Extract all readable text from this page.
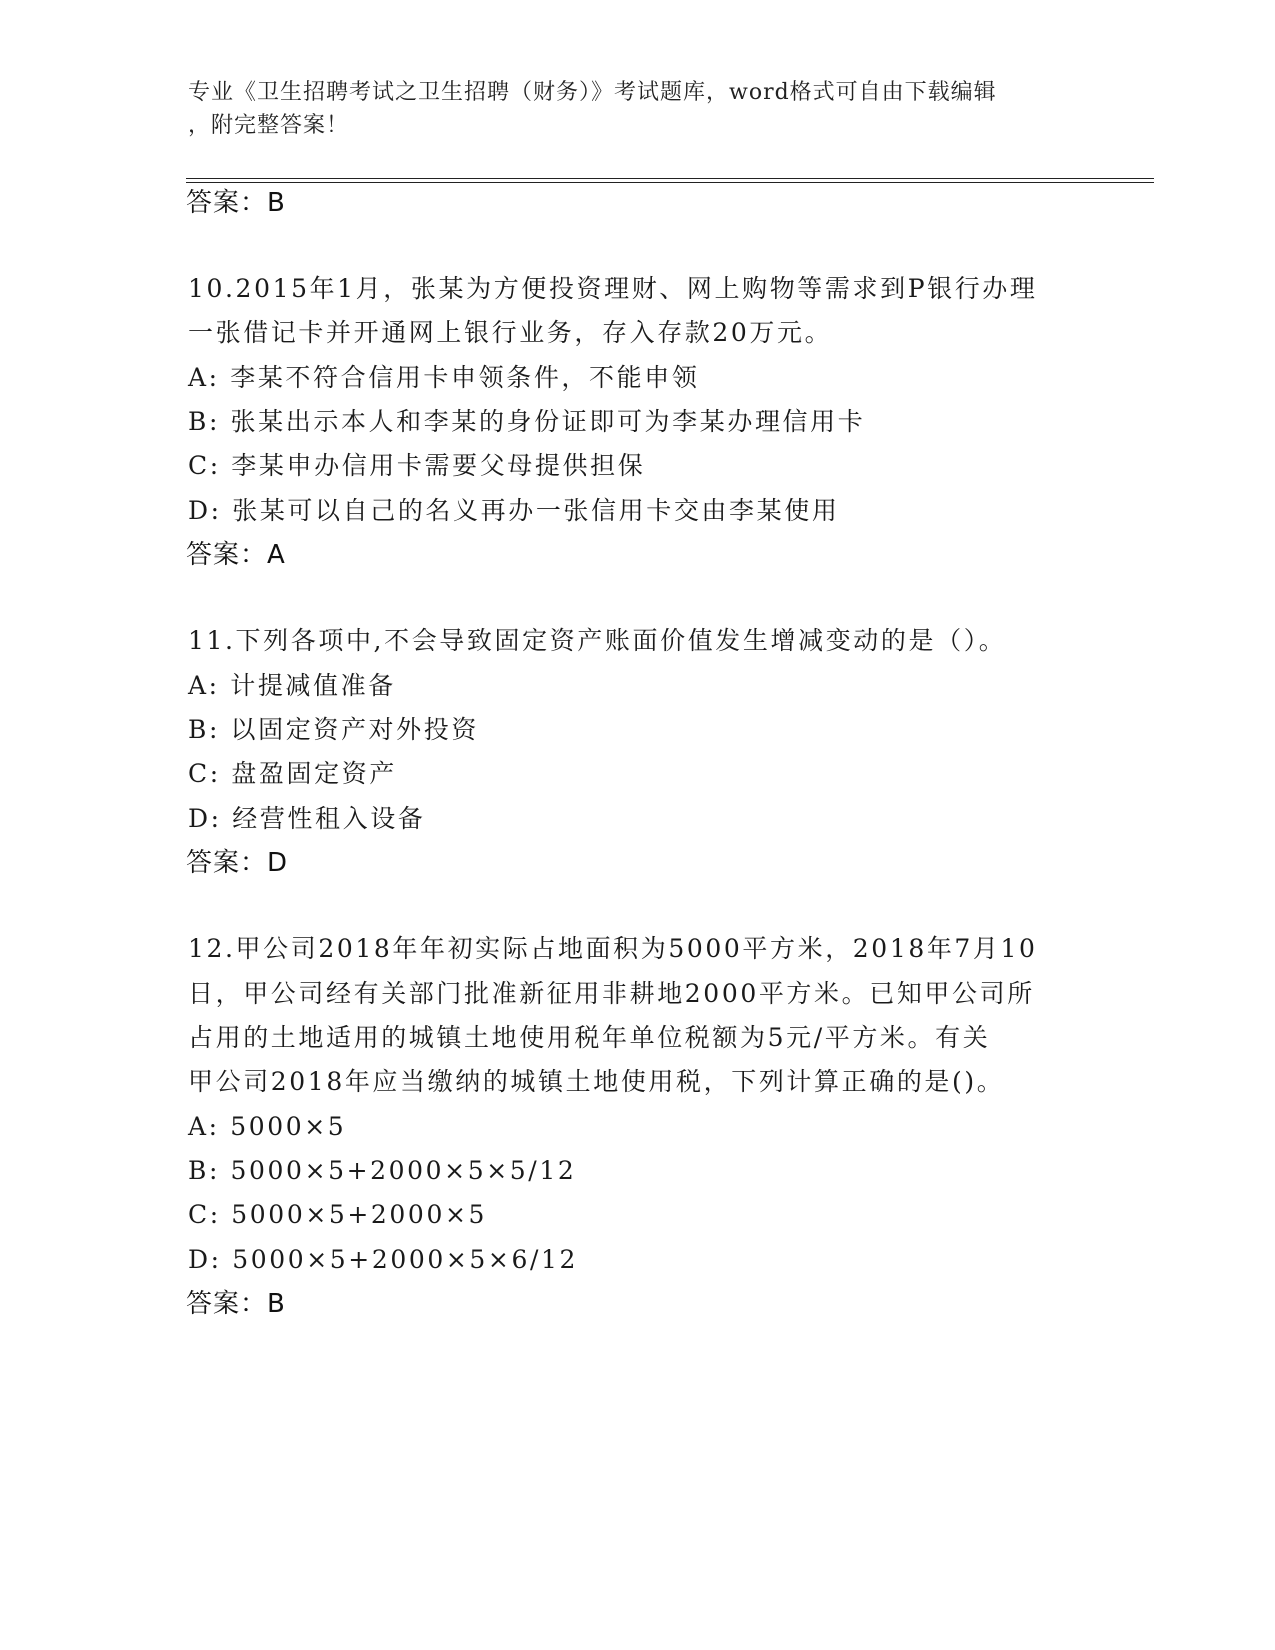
专业《卫生招聘考试之卫生招聘（财务）》考试题库，word格式可自由下载编辑
，附完整答案！
答案：B
10.2015年1月，张某为方便投资理财、网上购物等需求到P银行办理
一张借记卡并开通网上银行业务，存入存款20万元。
A: 李某不符合信用卡申领条件，不能申领
B: 张某出示本人和李某的身份证即可为李某办理信用卡
C: 李某申办信用卡需要父母提供担保
D: 张某可以自己的名义再办一张信用卡交由李某使用
答案：A
11.下列各项中,不会导致固定资产账面价值发生增减变动的是（）。
A: 计提减值准备
B: 以固定资产对外投资
C: 盘盈固定资产
D: 经营性租入设备
答案：D
12.甲公司2018年年初实际占地面积为5000平方米，2018年7月10
日，甲公司经有关部门批准新征用非耕地2000平方米。已知甲公司所
占用的土地适用的城镇土地使用税年单位税额为5元/平方米。有关
甲公司2018年应当缴纳的城镇土地使用税，下列计算正确的是()。
A: 5000×5
B: 5000×5+2000×5×5/12
C: 5000×5+2000×5
D: 5000×5+2000×5×6/12
答案：B
